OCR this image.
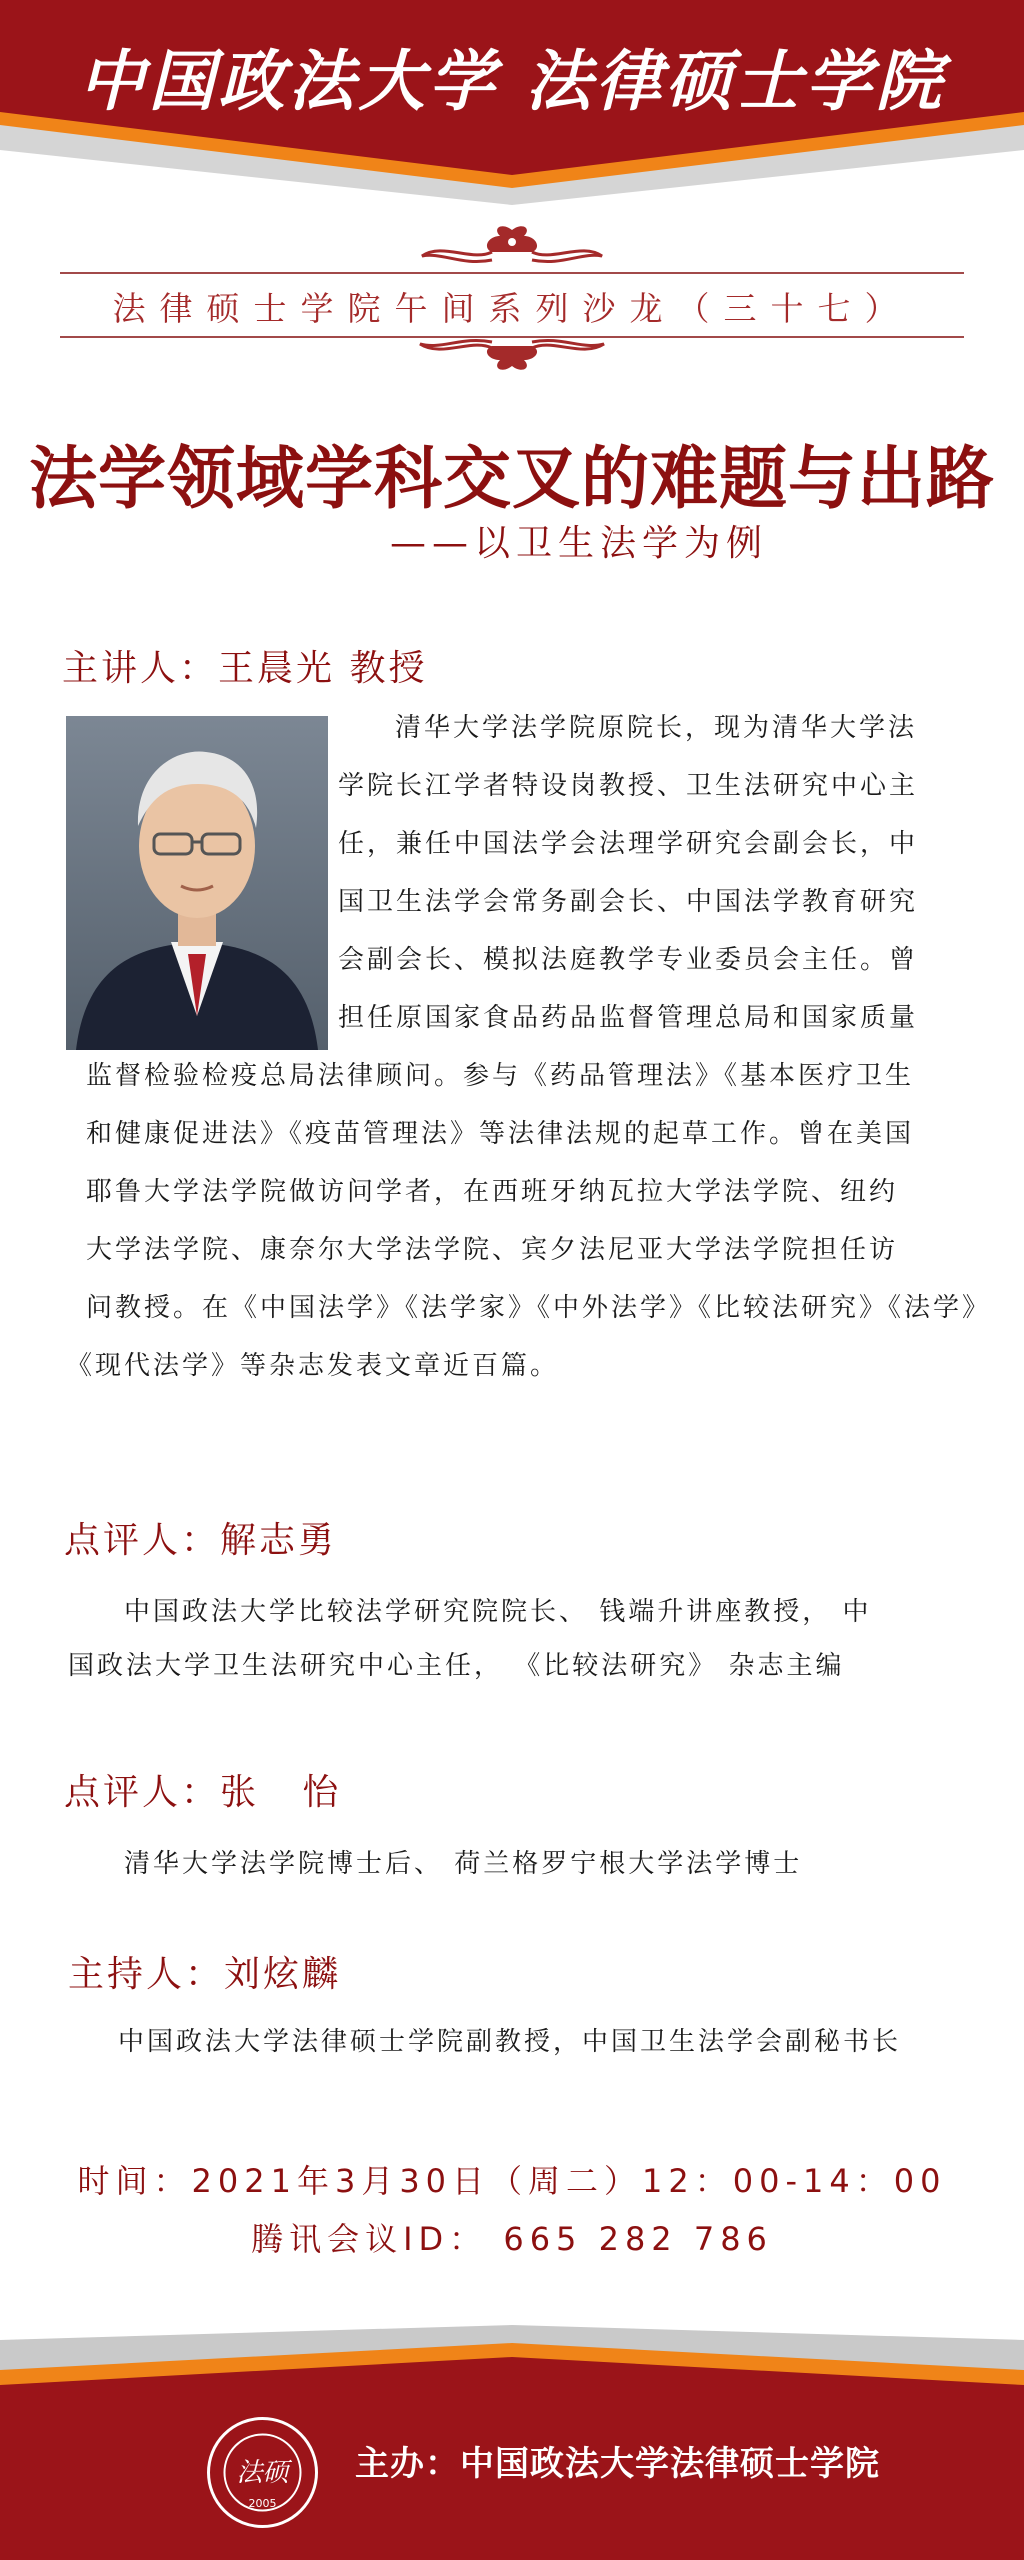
中国政法大学 法律硕士学院
法律硕士学院午间系列沙龙（三十七）
法学领域学科交叉的难题与出路
——以卫生法学为例
主讲人：王晨光 教授
清华大学法学院原院长，现为清华大学法
学院长江学者特设岗教授、卫生法研究中心主
任，兼任中国法学会法理学研究会副会长，中
国卫生法学会常务副会长、中国法学教育研究
会副会长、模拟法庭教学专业委员会主任。曾
担任原国家食品药品监督管理总局和国家质量
监督检验检疫总局法律顾问。参与《药品管理法》《基本医疗卫生
和健康促进法》《疫苗管理法》等法律法规的起草工作。曾在美国
耶鲁大学法学院做访问学者，在西班牙纳瓦拉大学法学院、纽约
大学法学院、康奈尔大学法学院、宾夕法尼亚大学法学院担任访
问教授。在《中国法学》《法学家》《中外法学》《比较法研究》《法学》
《现代法学》等杂志发表文章近百篇。
点评人：解志勇
中国政法大学比较法学研究院院长、 钱端升讲座教授， 中
国政法大学卫生法研究中心主任， 《比较法研究》 杂志主编
点评人：张   怡
清华大学法学院博士后、 荷兰格罗宁根大学法学博士
主持人：刘炫麟
中国政法大学法律硕士学院副教授，中国卫生法学会副秘书长
时间：2021年3月30日（周二）12：00-14：00
腾讯会议ID： 665 282 786
法硕
2005
主办：中国政法大学法律硕士学院
